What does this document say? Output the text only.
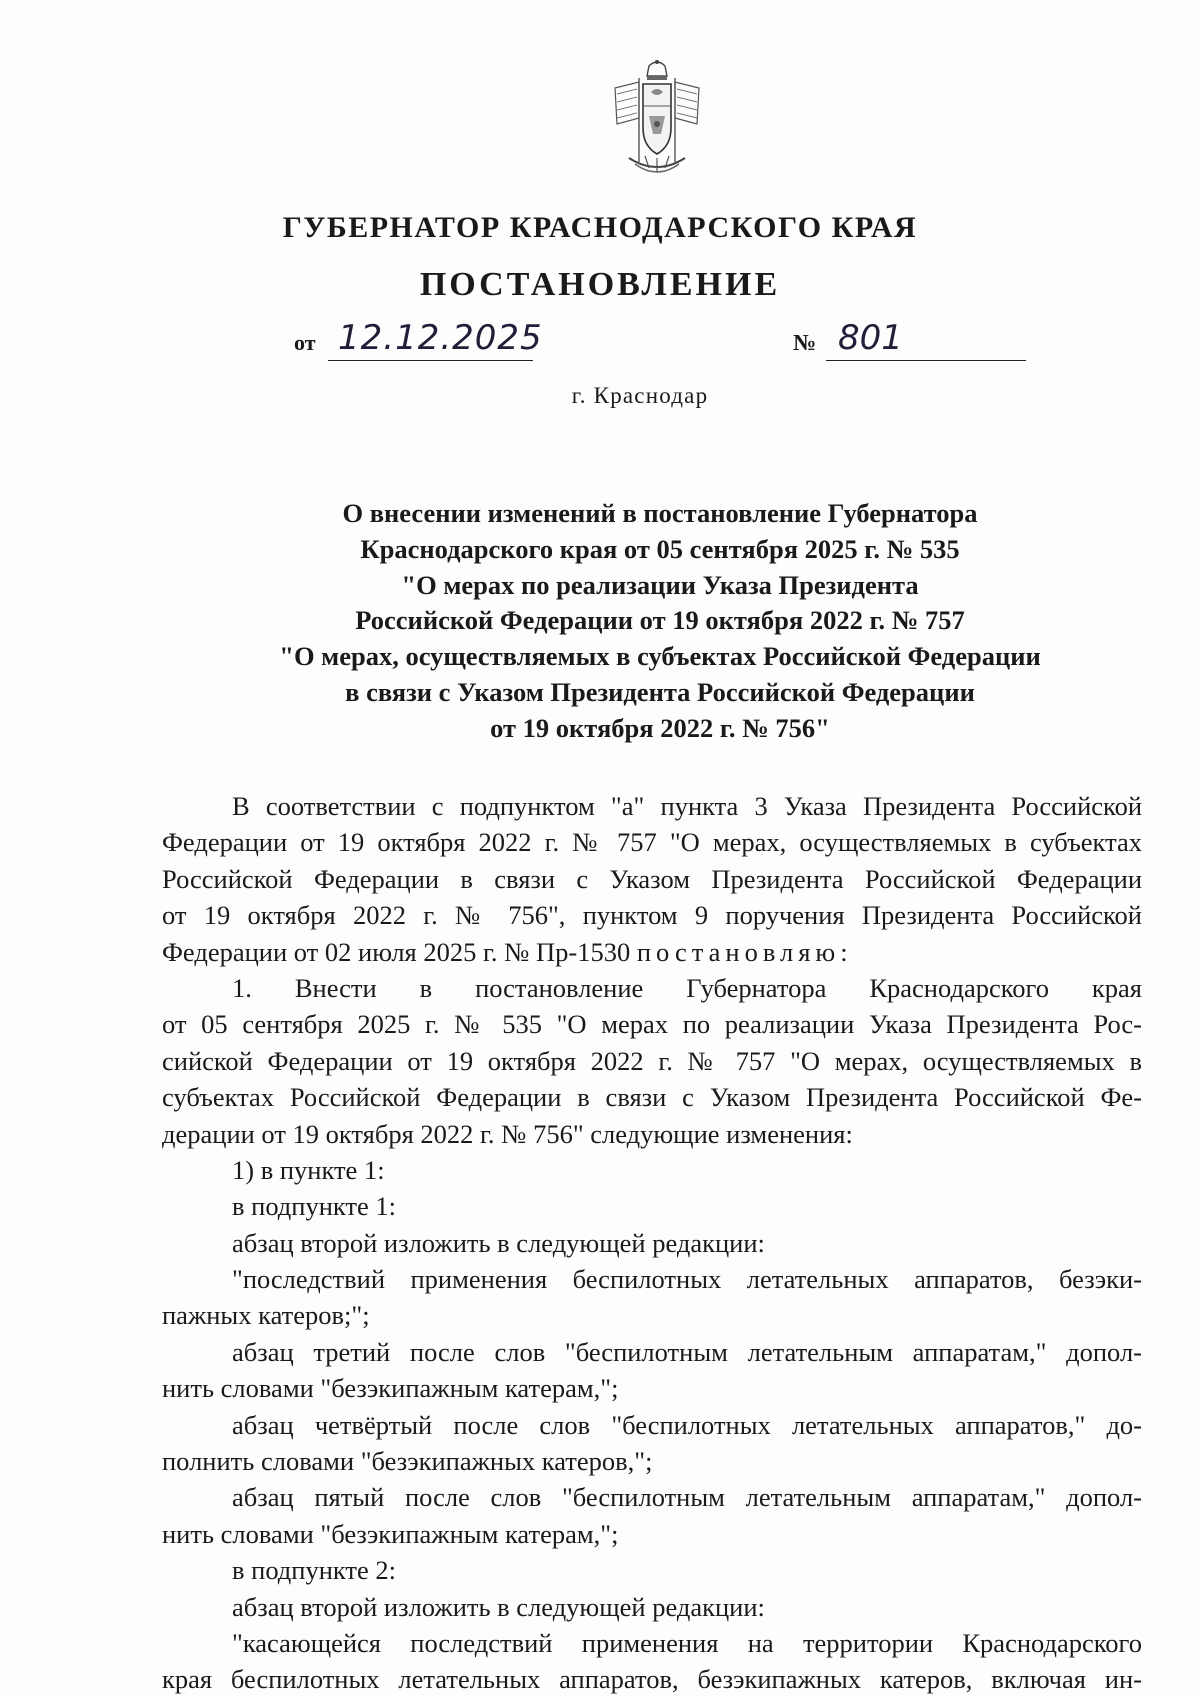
ГУБЕРНАТОР КРАСНОДАРСКОГО КРАЯ
ПОСТАНОВЛЕНИЕ
от 12.12.2025	№ 801
г. Краснодар
О внесении изменений в постановление Губернатора
Краснодарского края от 05 сентября 2025 г. № 535
"О мерах по реализации Указа Президента
Российской Федерации от 19 октября 2022 г. № 757
"О мерах, осуществляемых в субъектах Российской Федерации
в связи с Указом Президента Российской Федерации
от 19 октября 2022 г. № 756"
В соответствии с подпунктом "а" пункта 3 Указа Президента Российской
Федерации от 19 октября 2022 г. № 757 "О мерах, осуществляемых в субъектах
Российской Федерации в связи с Указом Президента Российской Федерации
от 19 октября 2022 г. № 756", пунктом 9 поручения Президента Российской
Федерации от 02 июля 2025 г. № Пр-1530 постановляю:
1. Внести в постановление Губернатора Краснодарского края
от 05 сентября 2025 г. № 535 "О мерах по реализации Указа Президента Рос-
сийской Федерации от 19 октября 2022 г. № 757 "О мерах, осуществляемых в
субъектах Российской Федерации в связи с Указом Президента Российской Фе-
дерации от 19 октября 2022 г. № 756" следующие изменения:
1) в пункте 1:
в подпункте 1:
абзац второй изложить в следующей редакции:
"последствий применения беспилотных летательных аппаратов, безэки-
пажных катеров;";
абзац третий после слов "беспилотным летательным аппаратам," допол-
нить словами "безэкипажным катерам,";
абзац четвёртый после слов "беспилотных летательных аппаратов," до-
полнить словами "безэкипажных катеров,";
абзац пятый после слов "беспилотным летательным аппаратам," допол-
нить словами "безэкипажным катерам,";
в подпункте 2:
абзац второй изложить в следующей редакции:
"касающейся последствий применения на территории Краснодарского
края беспилотных летательных аппаратов, безэкипажных катеров, включая ин-
